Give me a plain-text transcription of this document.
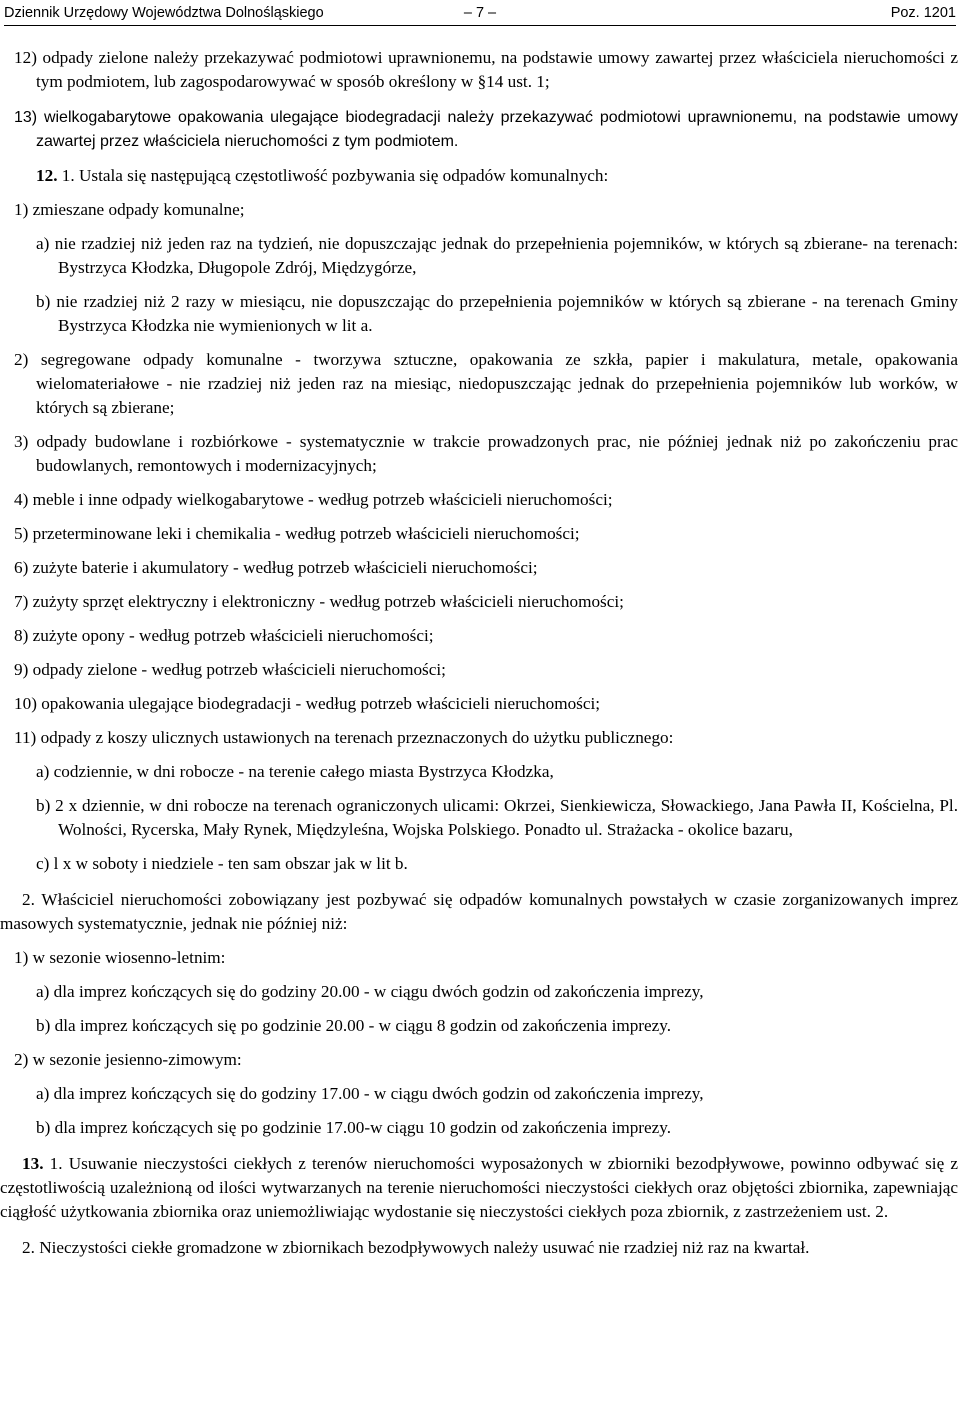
Dziennik Urzędowy Województwa Dolnośląskiego	– 7 –	Poz. 1201

12) odpady zielone należy przekazywać podmiotowi uprawnionemu, na podstawie umowy zawartej przez właściciela nieruchomości z tym podmiotem, lub zagospodarowywać w sposób określony w §14 ust. 1;

13) wielkogabarytowe opakowania ulegające biodegradacji należy przekazywać podmiotowi uprawnionemu, na podstawie umowy zawartej przez właściciela nieruchomości z tym podmiotem.

12. 1. Ustala się następującą częstotliwość pozbywania się odpadów komunalnych:

1) zmieszane odpady komunalne;

a) nie rzadziej niż jeden raz na tydzień, nie dopuszczając jednak do przepełnienia pojemników, w których są zbierane- na terenach: Bystrzyca Kłodzka, Długopole Zdrój, Międzygórze,

b) nie rzadziej niż 2 razy w miesiącu, nie dopuszczając do przepełnienia pojemników w których są zbierane - na terenach Gminy Bystrzyca Kłodzka nie wymienionych w lit a.

2) segregowane odpady komunalne - tworzywa sztuczne, opakowania ze szkła, papier i makulatura, metale, opakowania wielomateriałowe - nie rzadziej niż jeden raz na miesiąc, niedopuszczając jednak do przepełnienia pojemników lub worków, w których są zbierane;

3) odpady budowlane i rozbiórkowe - systematycznie w trakcie prowadzonych prac, nie później jednak niż po zakończeniu prac budowlanych, remontowych i modernizacyjnych;

4) meble i inne odpady wielkogabarytowe - według potrzeb właścicieli nieruchomości;

5) przeterminowane leki i chemikalia - według potrzeb właścicieli nieruchomości;

6) zużyte baterie i akumulatory - według potrzeb właścicieli nieruchomości;

7) zużyty sprzęt elektryczny i elektroniczny - według potrzeb właścicieli nieruchomości;

8) zużyte opony - według potrzeb właścicieli nieruchomości;

9) odpady zielone - według potrzeb właścicieli nieruchomości;

10) opakowania ulegające biodegradacji - według potrzeb właścicieli nieruchomości;

11) odpady z koszy ulicznych ustawionych na terenach przeznaczonych do użytku publicznego:

a) codziennie, w dni robocze - na terenie całego miasta Bystrzyca Kłodzka,

b) 2 x dziennie, w dni robocze na terenach ograniczonych ulicami: Okrzei, Sienkiewicza, Słowackiego, Jana Pawła II, Kościelna, Pl. Wolności, Rycerska, Mały Rynek, Międzyleśna, Wojska Polskiego. Ponadto ul. Strażacka - okolice bazaru,

c) l x w soboty i niedziele - ten sam obszar jak w lit b.

2. Właściciel nieruchomości zobowiązany jest pozbywać się odpadów komunalnych powstałych w czasie zorganizowanych imprez masowych systematycznie, jednak nie później niż:

1) w sezonie wiosenno-letnim:

a) dla imprez kończących się do godziny 20.00 - w ciągu dwóch godzin od zakończenia imprezy,

b) dla imprez kończących się po godzinie 20.00 - w ciągu 8 godzin od zakończenia imprezy.

2) w sezonie jesienno-zimowym:

a) dla imprez kończących się do godziny 17.00 - w ciągu dwóch godzin od zakończenia imprezy,

b) dla imprez kończących się po godzinie 17.00-w ciągu 10 godzin od zakończenia imprezy.

13. 1. Usuwanie nieczystości ciekłych z terenów nieruchomości wyposażonych w zbiorniki bezodpływowe, powinno odbywać się z częstotliwością uzależnioną od ilości wytwarzanych na terenie nieruchomości nieczystości ciekłych oraz objętości zbiornika, zapewniając ciągłość użytkowania zbiornika oraz uniemożliwiając wydostanie się nieczystości ciekłych poza zbiornik, z zastrzeżeniem ust. 2.

2. Nieczystości ciekłe gromadzone w zbiornikach bezodpływowych należy usuwać nie rzadziej niż raz na kwartał.
